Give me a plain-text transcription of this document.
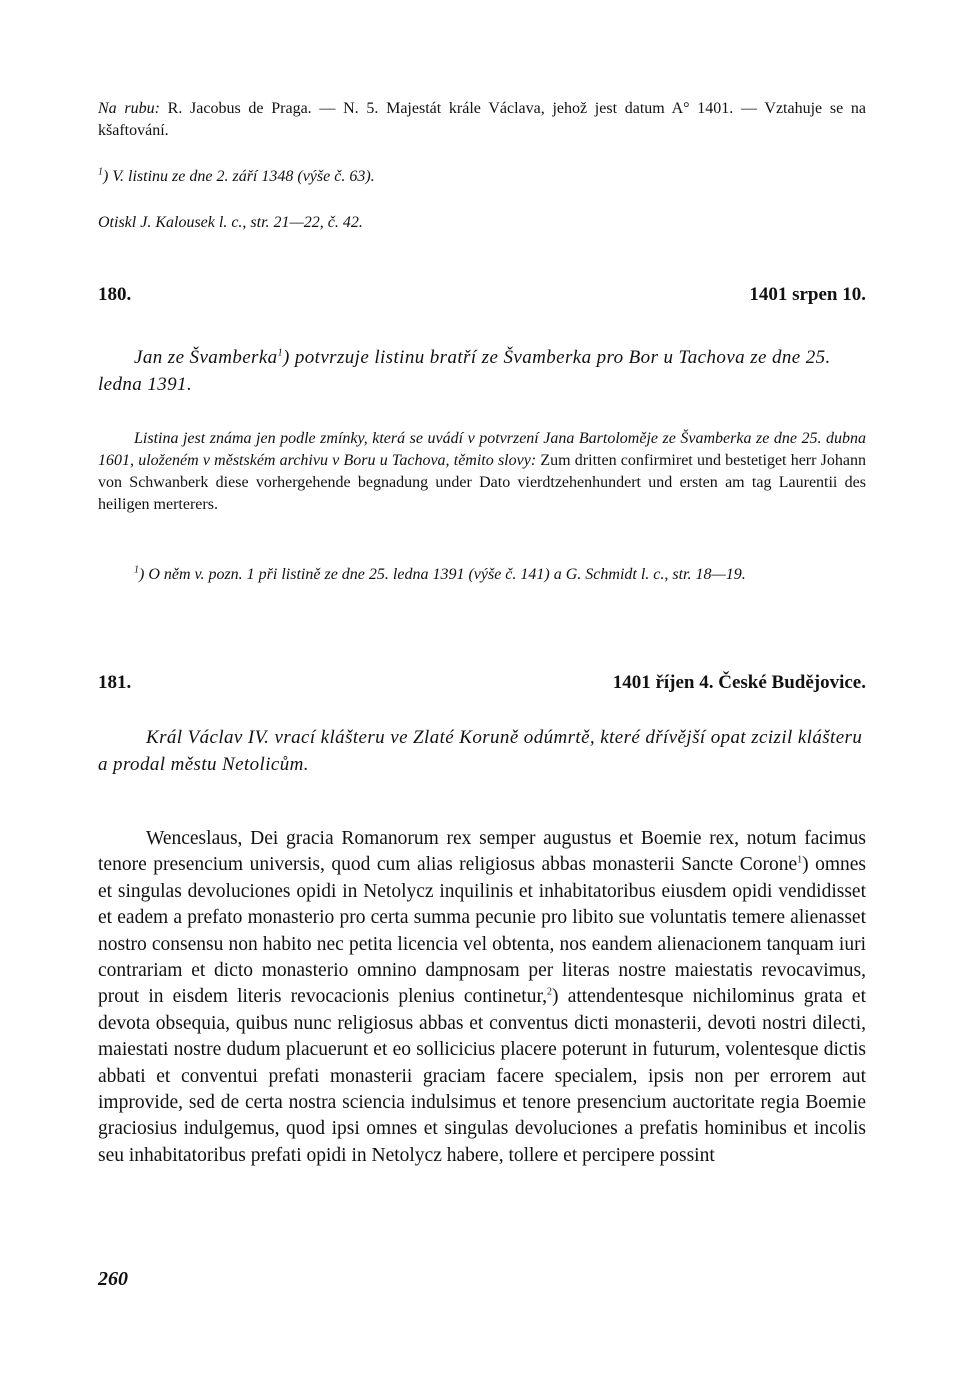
Na rubu: R. Jacobus de Praga. — N. 5. Majestát krále Václava, jehož jest datum A° 1401. — Vztahuje se na kšaftování.

$^1$) V. listinu ze dne 2. září 1348 (výše č. 63).

Otiskl J. Kalousek l. c., str. 21—22, č. 42.

180.	1401 srpen 10.

Jan ze Švamberka$^1$) potvrzuje listinu bratří ze Švamberka pro Bor u Tachova ze dne 25. ledna 1391.

Listina jest známa jen podle zmínky, která se uvádí v potvrzení Jana Bartoloměje ze Švamberka ze dne 25. dubna 1601, uloženém v městském archivu v Boru u Tachova, těmito slovy: Zum dritten confirmiret und bestetiget herr Johann von Schwanberk diese vorhergehende begnadung under Dato vierdtzehenhundert und ersten am tag Laurentii des heiligen merterers.

$^1$) O něm v. pozn. 1 při listině ze dne 25. ledna 1391 (výše č. 141) a G. Schmidt l. c., str. 18—19.

181.	1401 říjen 4. České Budějovice.

Král Václav IV. vrací klášteru ve Zlaté Koruně odúmrtě, které dřívější opat zcizil klášteru a prodal městu Netolicům.

Wenceslaus, Dei gracia Romanorum rex semper augustus et Boemie rex, notum facimus tenore presencium universis, quod cum alias religiosus abbas monasterii Sancte Corone$^1$) omnes et singulas devoluciones opidi in Netolycz inquilinis et inhabitatoribus eiusdem opidi vendidisset et eadem a prefato monasterio pro certa summa pecunie pro libito sue voluntatis temere alienasset nostro consensu non habito nec petita licencia vel obtenta, nos eandem alienacionem tanquam iuri contrariam et dicto monasterio omnino dampnosam per literas nostre maiestatis revocavimus, prout in eisdem literis revocacionis plenius continetur,$^2$) attendentesque nichilominus grata et devota obsequia, quibus nunc religiosus abbas et conventus dicti monasterii, devoti nostri dilecti, maiestati nostre dudum placuerunt et eo sollicicius placere poterunt in futurum, volentesque dictis abbati et conventui prefati monasterii graciam facere specialem, ipsis non per errorem aut improvide, sed de certa nostra sciencia indulsimus et tenore presencium auctoritate regia Boemie graciosius indulgemus, quod ipsi omnes et singulas devoluciones a prefatis hominibus et incolis seu inhabitatoribus prefati opidi in Netolycz habere, tollere et percipere possint

260
